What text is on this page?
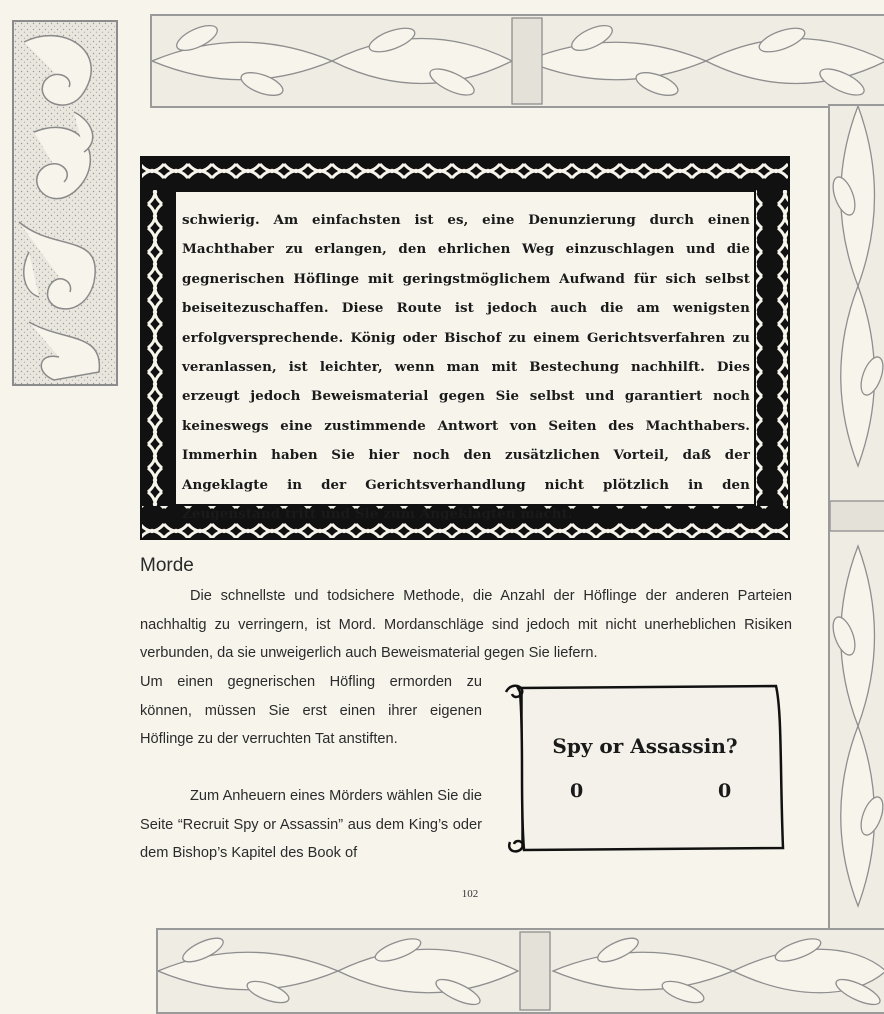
schwierig. Am einfachsten ist es, eine Denunzierung durch einen Machthaber zu erlangen, den ehrlichen Weg einzuschlagen und die gegnerischen Höflinge mit geringstmöglichem Aufwand für sich selbst beiseitezuschaffen. Diese Route ist jedoch auch die am wenigsten erfolgversprechende. König oder Bischof zu einem Gerichtsverfahren zu veranlassen, ist leichter, wenn man mit Bestechung nachhilft. Dies erzeugt jedoch Beweismaterial gegen Sie selbst und garantiert noch keineswegs eine zustimmende Antwort von Seiten des Machthabers. Immerhin haben Sie hier noch den zusätzlichen Vorteil, daß der Angeklagte in der Gerichtsverhandlung nicht plötzlich in den Zeugenstand tritt und Sie zum Angeklagten macht.

Morde

Die schnellste und todsichere Methode, die Anzahl der Höflinge der anderen Parteien nachhaltig zu verringern, ist Mord. Mordanschläge sind jedoch mit nicht unerheblichen Risiken verbunden, da sie unweigerlich auch Beweismaterial gegen Sie liefern.

Um einen gegnerischen Höfling ermorden zu können, müssen Sie erst einen ihrer eigenen Höflinge zu der verruchten Tat anstiften.

Zum Anheuern eines Mörders wählen Sie die Seite “Recruit Spy or Assassin” aus dem King’s oder dem Bishop’s Kapitel des Book of

Spy or Assassin?
0	0
102
